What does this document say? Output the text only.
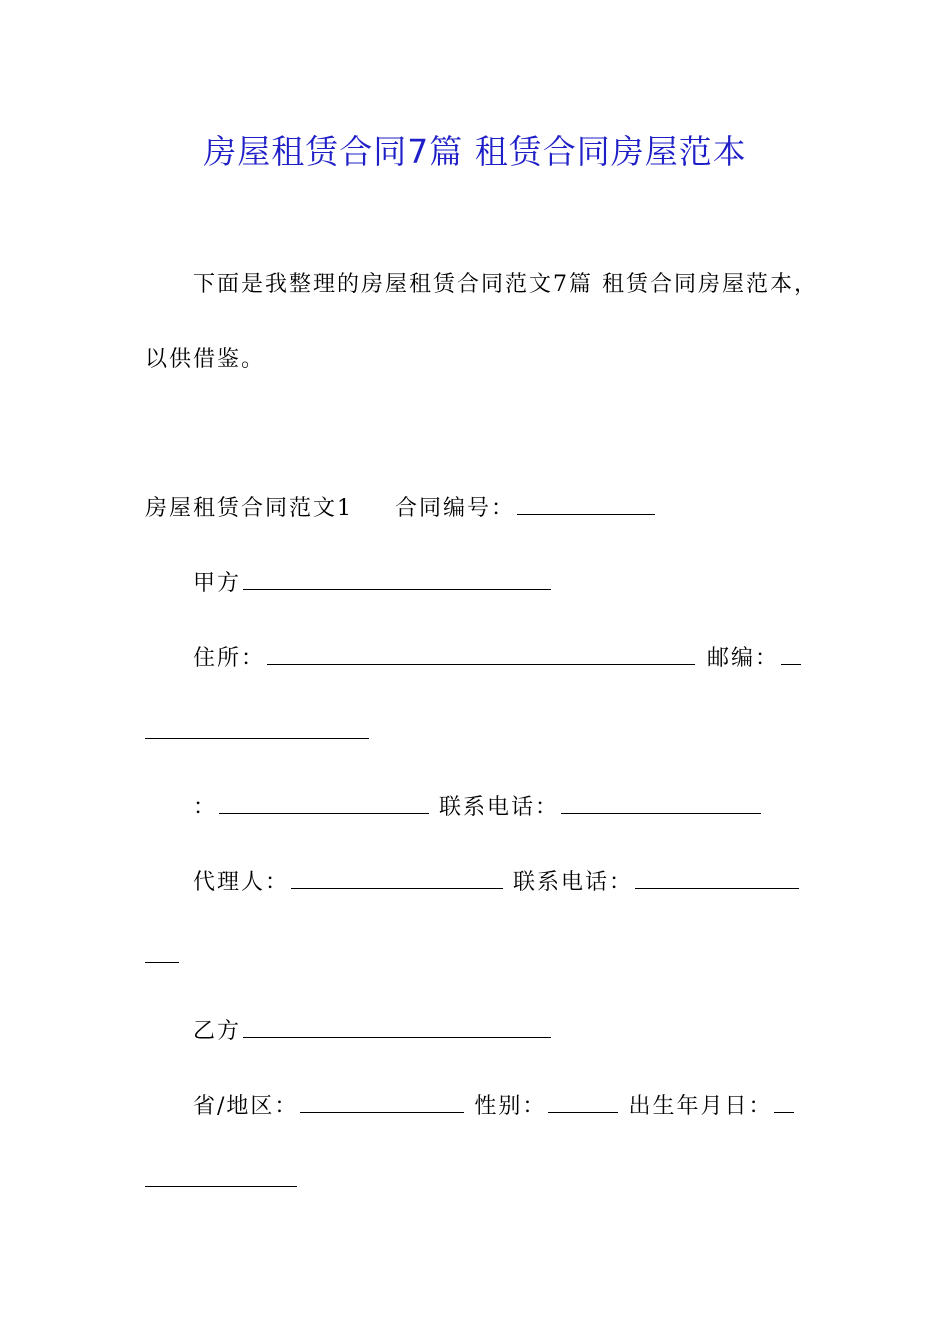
房屋租赁合同7篇 租赁合同房屋范本
下面是我整理的房屋租赁合同范文7篇 租赁合同房屋范本，
以供借鉴。
房屋租赁合同范文1 合同编号：
甲方
住所：	邮编：
：	联系电话：
代理人：	联系电话：
乙方
省/地区：	性别：	出生年月日：
